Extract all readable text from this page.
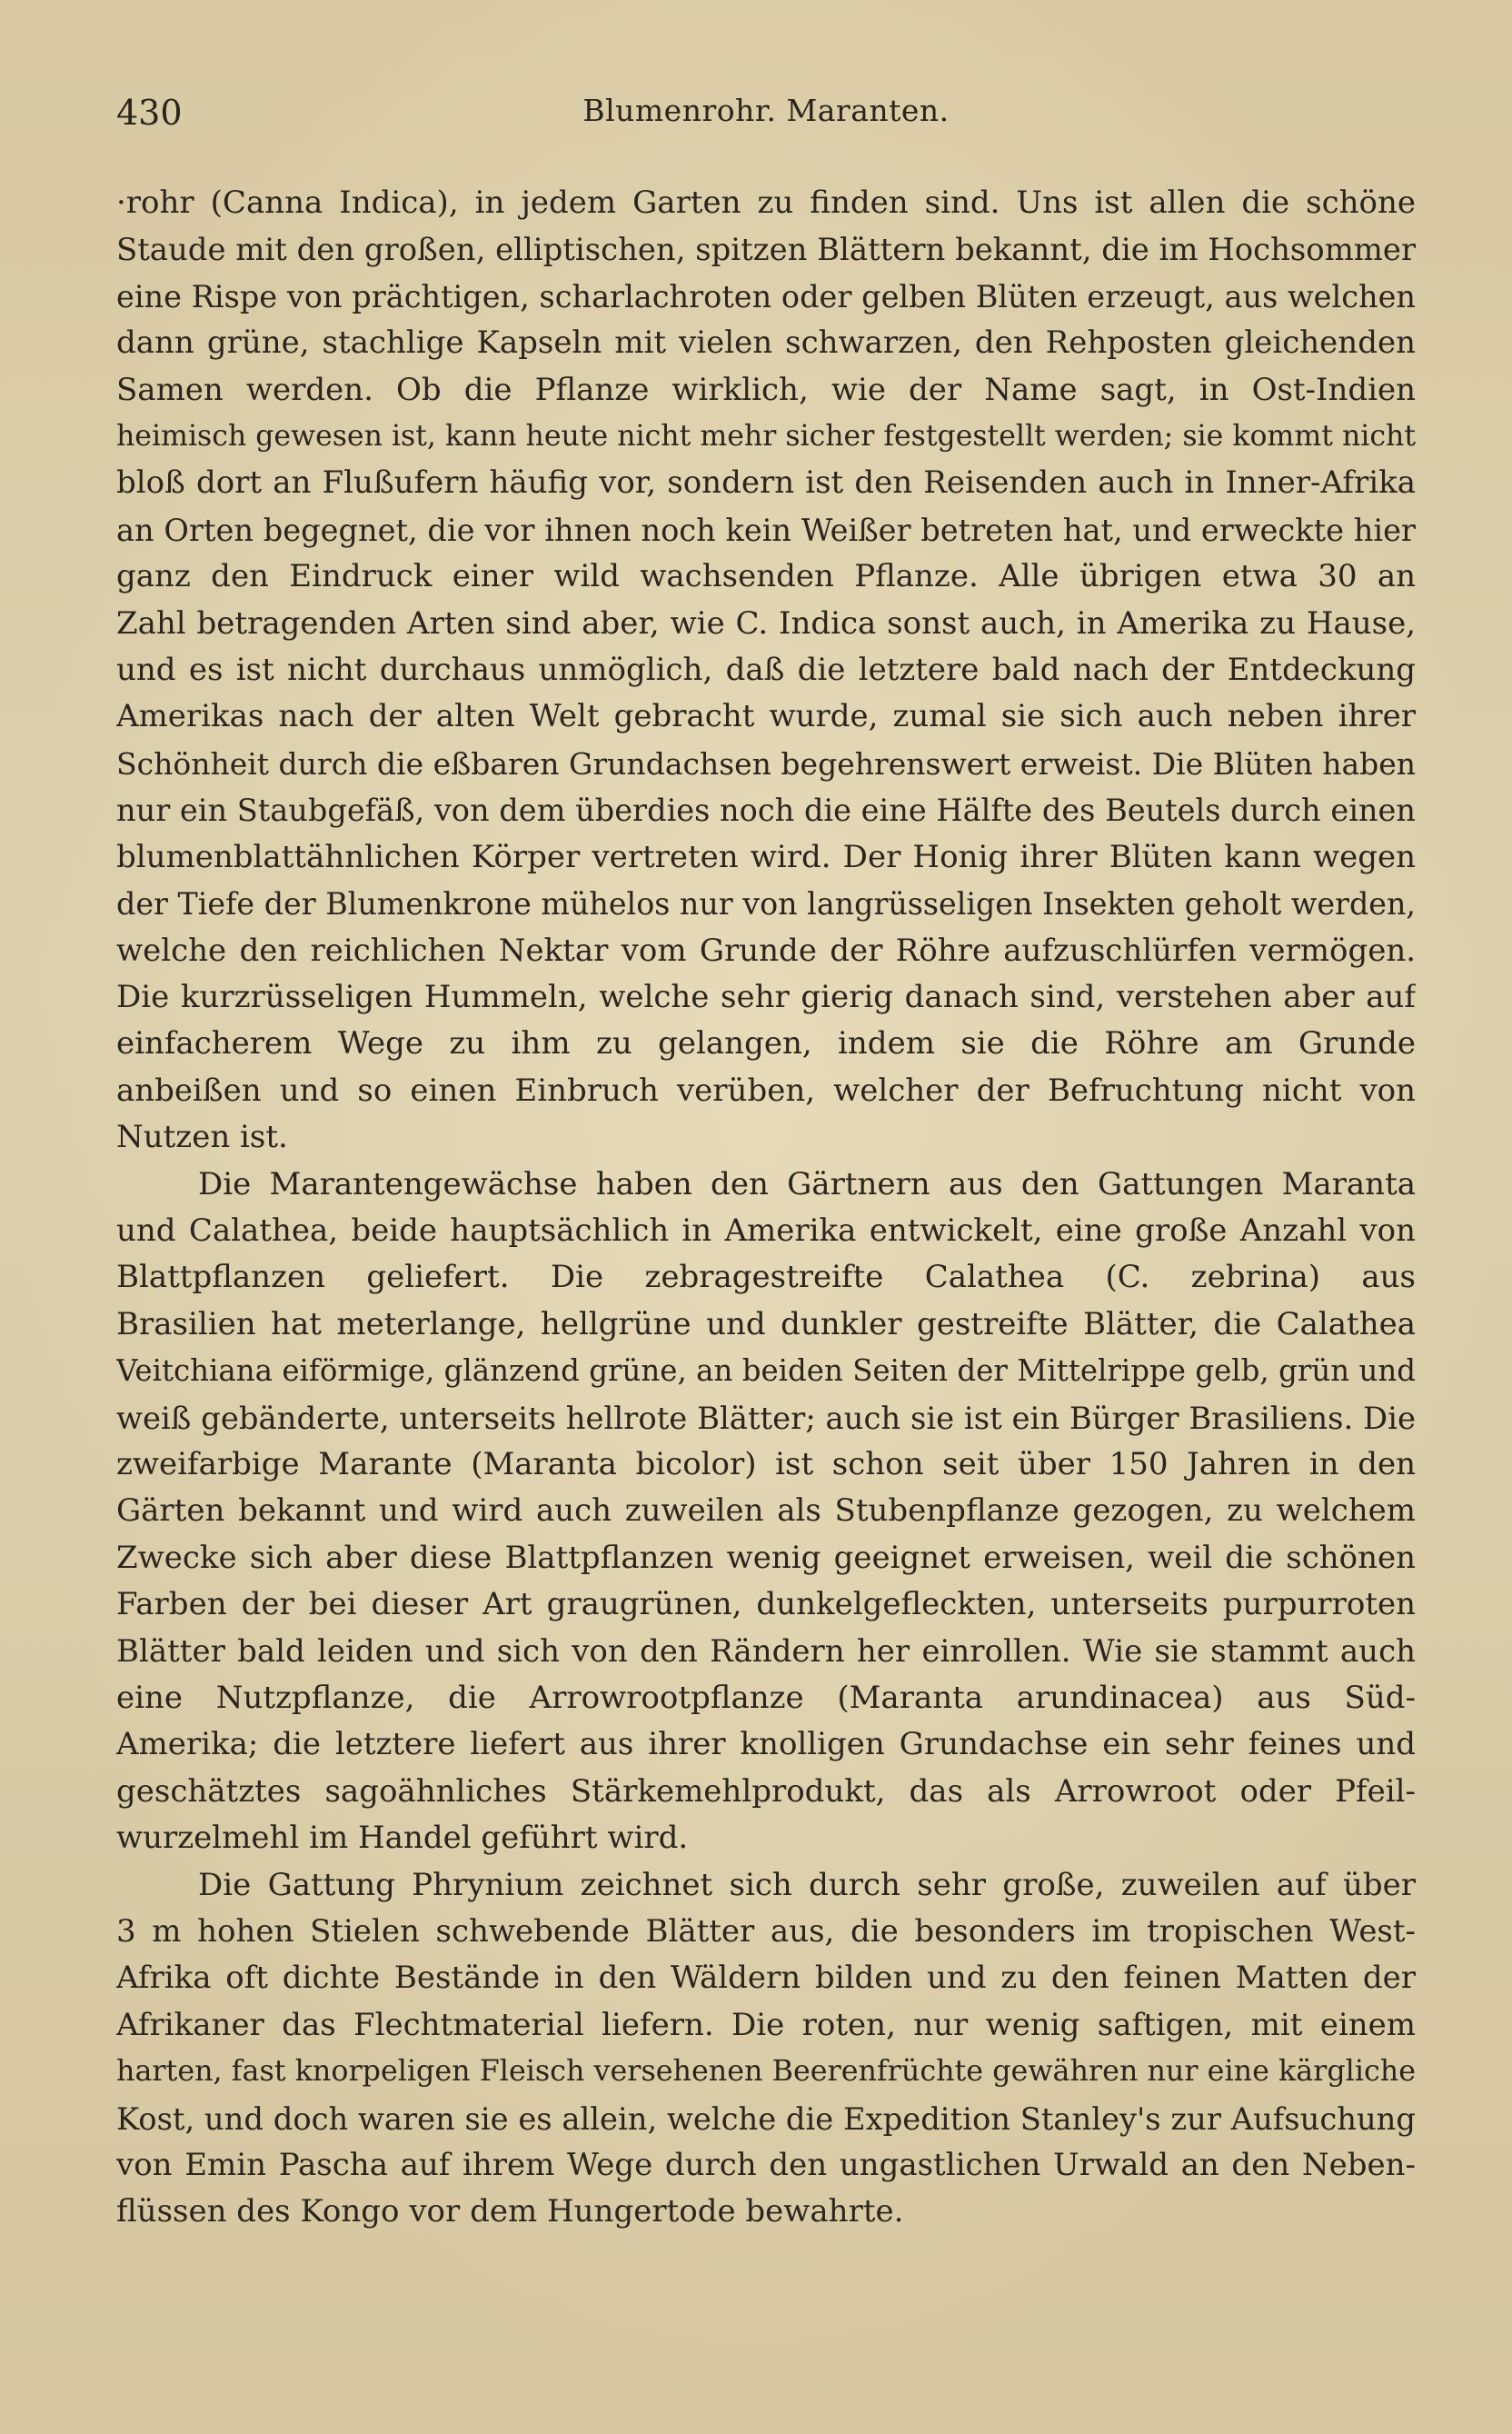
430	Blumenrohr. Maranten.
·rohr (Canna Indica), in jedem Garten zu finden sind. Uns ist allen die schöne
Staude mit den großen, elliptischen, spitzen Blättern bekannt, die im Hochsommer
eine Rispe von prächtigen, scharlachroten oder gelben Blüten erzeugt, aus welchen
dann grüne, stachlige Kapseln mit vielen schwarzen, den Rehposten gleichenden
Samen werden. Ob die Pflanze wirklich, wie der Name sagt, in Ost-Indien
heimisch gewesen ist, kann heute nicht mehr sicher festgestellt werden; sie kommt nicht
bloß dort an Flußufern häufig vor, sondern ist den Reisenden auch in Inner-Afrika
an Orten begegnet, die vor ihnen noch kein Weißer betreten hat, und erweckte hier
ganz den Eindruck einer wild wachsenden Pflanze. Alle übrigen etwa 30 an
Zahl betragenden Arten sind aber, wie C. Indica sonst auch, in Amerika zu Hause,
und es ist nicht durchaus unmöglich, daß die letztere bald nach der Entdeckung
Amerikas nach der alten Welt gebracht wurde, zumal sie sich auch neben ihrer
Schönheit durch die eßbaren Grundachsen begehrenswert erweist. Die Blüten haben
nur ein Staubgefäß, von dem überdies noch die eine Hälfte des Beutels durch einen
blumenblattähnlichen Körper vertreten wird. Der Honig ihrer Blüten kann wegen
der Tiefe der Blumenkrone mühelos nur von langrüsseligen Insekten geholt werden,
welche den reichlichen Nektar vom Grunde der Röhre aufzuschlürfen vermögen.
Die kurzrüsseligen Hummeln, welche sehr gierig danach sind, verstehen aber auf
einfacherem Wege zu ihm zu gelangen, indem sie die Röhre am Grunde
anbeißen und so einen Einbruch verüben, welcher der Befruchtung nicht von
Nutzen ist.
Die Marantengewächse haben den Gärtnern aus den Gattungen Maranta
und Calathea, beide hauptsächlich in Amerika entwickelt, eine große Anzahl von
Blattpflanzen geliefert. Die zebragestreifte Calathea (C. zebrina) aus
Brasilien hat meterlange, hellgrüne und dunkler gestreifte Blätter, die Calathea
Veitchiana eiförmige, glänzend grüne, an beiden Seiten der Mittelrippe gelb, grün und
weiß gebänderte, unterseits hellrote Blätter; auch sie ist ein Bürger Brasiliens. Die
zweifarbige Marante (Maranta bicolor) ist schon seit über 150 Jahren in den
Gärten bekannt und wird auch zuweilen als Stubenpflanze gezogen, zu welchem
Zwecke sich aber diese Blattpflanzen wenig geeignet erweisen, weil die schönen
Farben der bei dieser Art graugrünen, dunkelgefleckten, unterseits purpurroten
Blätter bald leiden und sich von den Rändern her einrollen. Wie sie stammt auch
eine Nutzpflanze, die Arrowrootpflanze (Maranta arundinacea) aus Süd-
Amerika; die letztere liefert aus ihrer knolligen Grundachse ein sehr feines und
geschätztes sagoähnliches Stärkemehlprodukt, das als Arrowroot oder Pfeil-
wurzelmehl im Handel geführt wird.
Die Gattung Phrynium zeichnet sich durch sehr große, zuweilen auf über
3 m hohen Stielen schwebende Blätter aus, die besonders im tropischen West-
Afrika oft dichte Bestände in den Wäldern bilden und zu den feinen Matten der
Afrikaner das Flechtmaterial liefern. Die roten, nur wenig saftigen, mit einem
harten, fast knorpeligen Fleisch versehenen Beerenfrüchte gewähren nur eine kärgliche
Kost, und doch waren sie es allein, welche die Expedition Stanley's zur Aufsuchung
von Emin Pascha auf ihrem Wege durch den ungastlichen Urwald an den Neben-
flüssen des Kongo vor dem Hungertode bewahrte.
